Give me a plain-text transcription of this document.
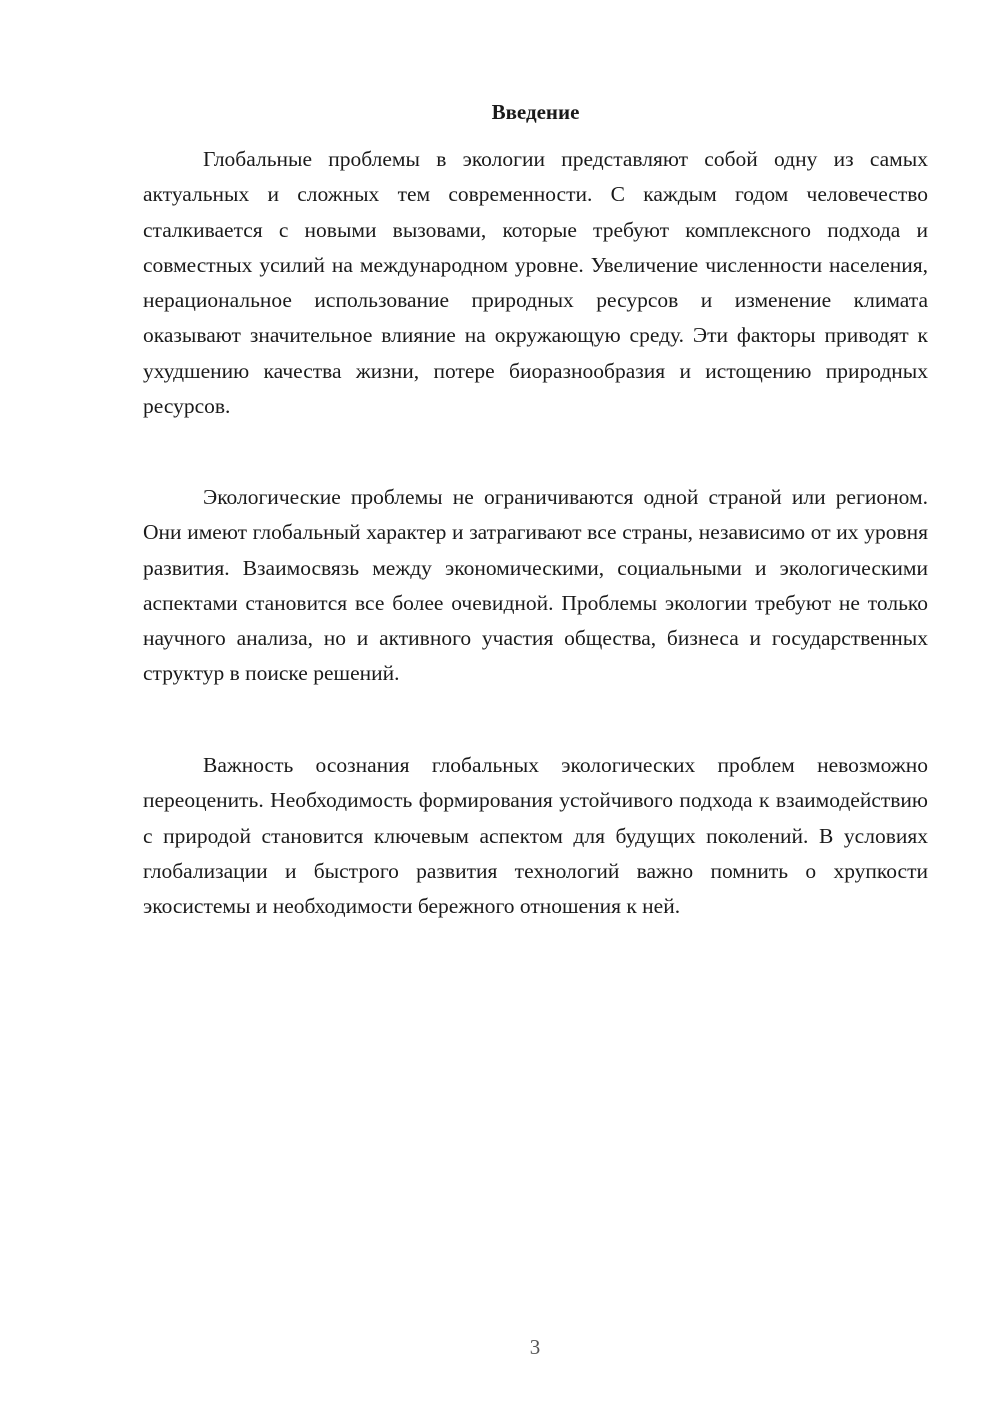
Введение

Глобальные проблемы в экологии представляют собой одну из самых актуальных и сложных тем современности. С каждым годом человечество сталкивается с новыми вызовами, которые требуют комплексного подхода и совместных усилий на международном уровне. Увеличение численности населения, нерациональное использование природных ресурсов и изменение климата оказывают значительное влияние на окружающую среду. Эти факторы приводят к ухудшению качества жизни, потере биоразнообразия и истощению природных ресурсов.

Экологические проблемы не ограничиваются одной страной или регионом. Они имеют глобальный характер и затрагивают все страны, независимо от их уровня развития. Взаимосвязь между экономическими, социальными и экологическими аспектами становится все более очевидной. Проблемы экологии требуют не только научного анализа, но и активного участия общества, бизнеса и государственных структур в поиске решений.

Важность осознания глобальных экологических проблем невозможно переоценить. Необходимость формирования устойчивого подхода к взаимодействию с природой становится ключевым аспектом для будущих поколений. В условиях глобализации и быстрого развития технологий важно помнить о хрупкости экосистемы и необходимости бережного отношения к ней.

3
